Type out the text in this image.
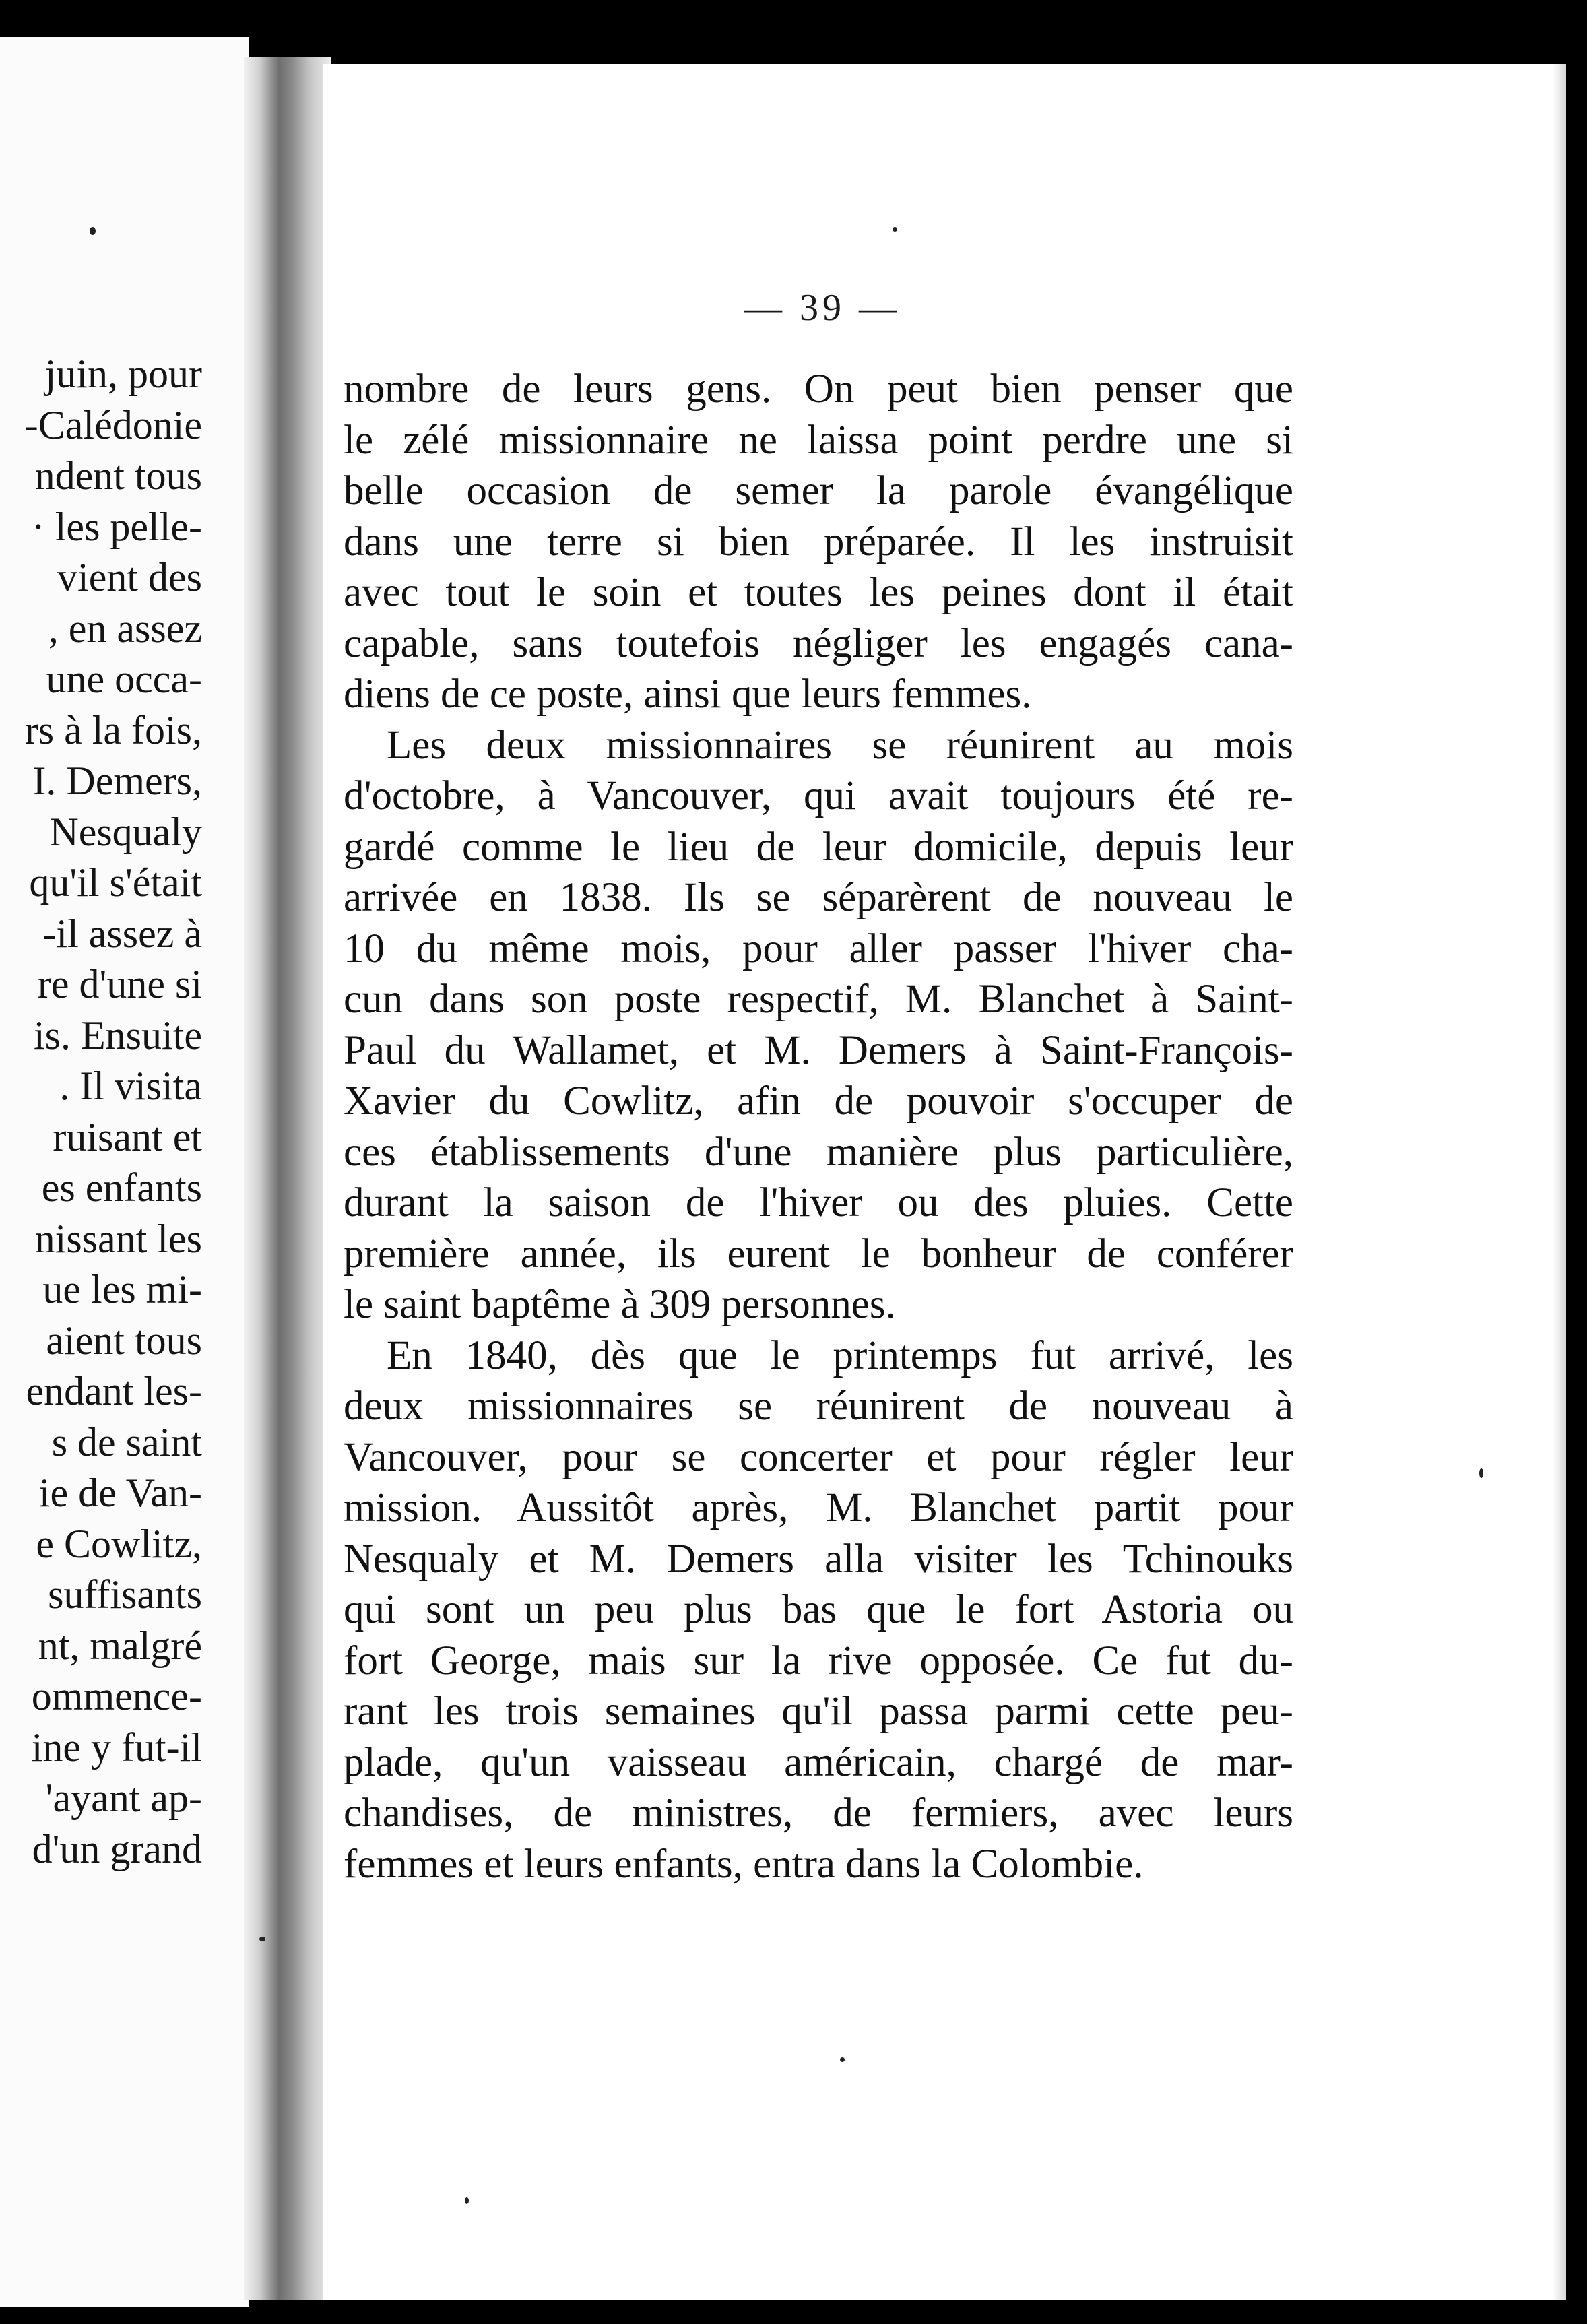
juin, pour
-Calédonie
ndent tous
· les pelle-
vient des
, en assez
une occa-
rs à la fois,
I. Demers,
Nesqualy
qu'il s'était
-il assez à
re d'une si
is. Ensuite
. Il visita
ruisant et
es enfants
nissant les
ue les mi-
aient tous
endant les-
s de saint
ie de Van-
e Cowlitz,
suffisants
nt, malgré
ommence-
ine y fut-il
'ayant ap-
d'un grand
— 39 —
nombre de leurs gens. On peut bien penser que
le zélé missionnaire ne laissa point perdre une si
belle occasion de semer la parole évangélique
dans une terre si bien préparée. Il les instruisit
avec tout le soin et toutes les peines dont il était
capable, sans toutefois négliger les engagés cana-
diens de ce poste, ainsi que leurs femmes.
Les deux missionnaires se réunirent au mois
d'octobre, à Vancouver, qui avait toujours été re-
gardé comme le lieu de leur domicile, depuis leur
arrivée en 1838. Ils se séparèrent de nouveau le
10 du même mois, pour aller passer l'hiver cha-
cun dans son poste respectif, M. Blanchet à Saint-
Paul du Wallamet, et M. Demers à Saint-François-
Xavier du Cowlitz, afin de pouvoir s'occuper de
ces établissements d'une manière plus particulière,
durant la saison de l'hiver ou des pluies. Cette
première année, ils eurent le bonheur de conférer
le saint baptême à 309 personnes.
En 1840, dès que le printemps fut arrivé, les
deux missionnaires se réunirent de nouveau à
Vancouver, pour se concerter et pour régler leur
mission. Aussitôt après, M. Blanchet partit pour
Nesqualy et M. Demers alla visiter les Tchinouks
qui sont un peu plus bas que le fort Astoria ou
fort George, mais sur la rive opposée. Ce fut du-
rant les trois semaines qu'il passa parmi cette peu-
plade, qu'un vaisseau américain, chargé de mar-
chandises, de ministres, de fermiers, avec leurs
femmes et leurs enfants, entra dans la Colombie.
